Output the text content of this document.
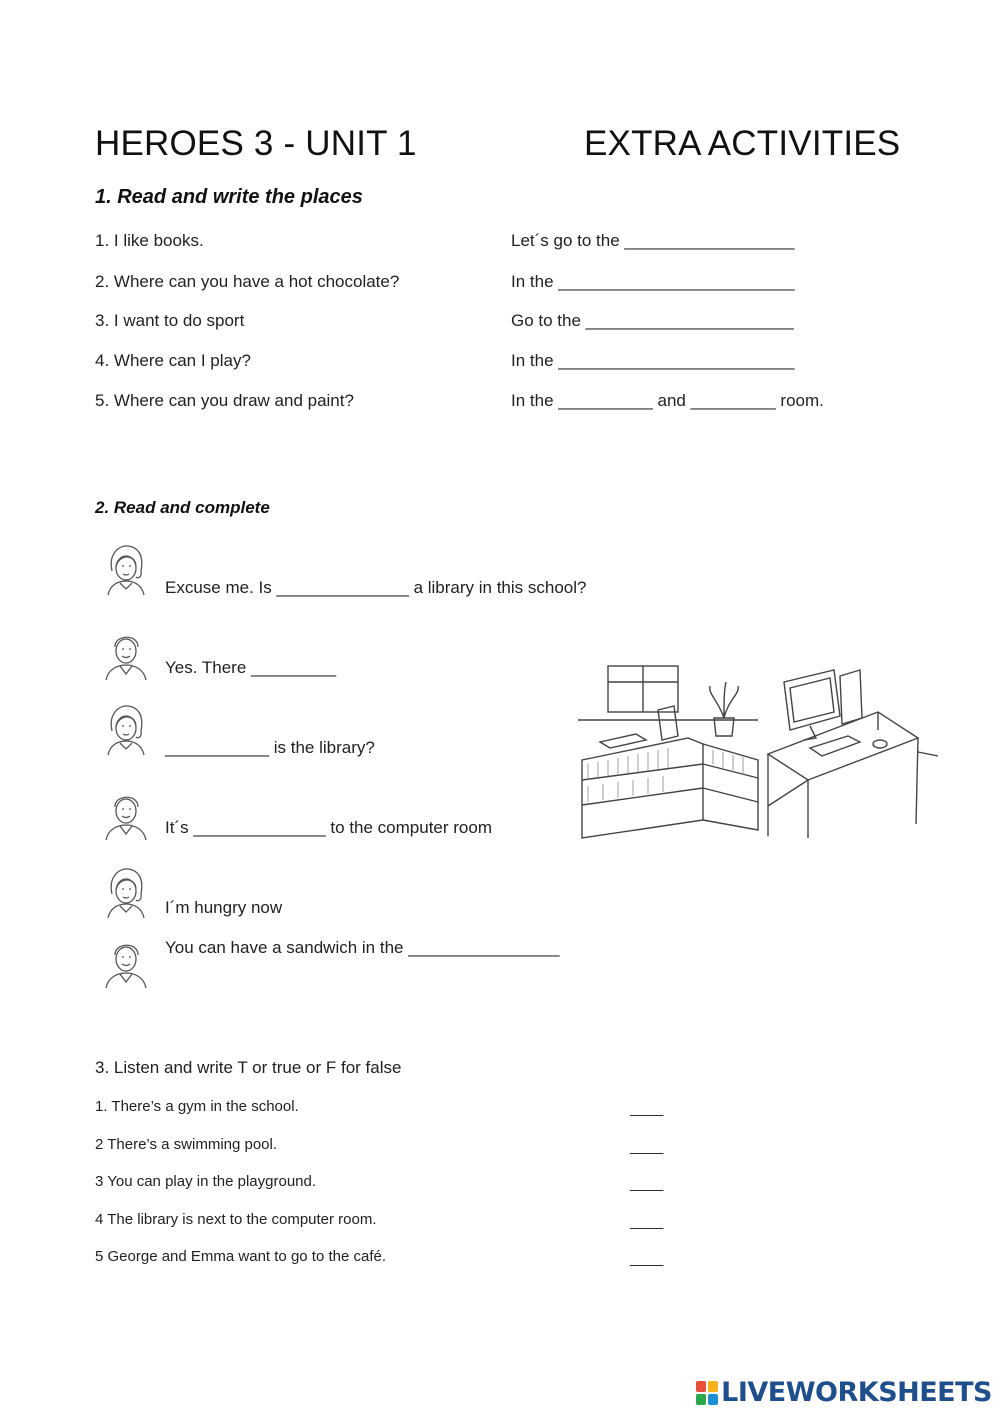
HEROES 3 - UNIT 1	EXTRA ACTIVITIES
1. Read and write the places
1. I like books.	Let´s go to the __________________
2. Where can you have a hot chocolate?	In the _________________________
3. I want to do sport	Go to the ______________________
4. Where can I play?	In the _________________________
5. Where can you draw and paint?	In the __________ and _________ room.
2. Read and complete
Excuse me. Is ______________ a library in this school?
Yes. There _________
___________ is the library?
It´s ______________ to the computer room
I´m hungry now
You can have a sandwich in the ________________
3. Listen and write T or true or F for false
1. There’s a gym in the school.	____
2 There’s a swimming pool.	____
3 You can play in the playground.	____
4 The library is next to the computer room.	____
5 George and Emma want to go to the café.	____
LIVEWORKSHEETS
